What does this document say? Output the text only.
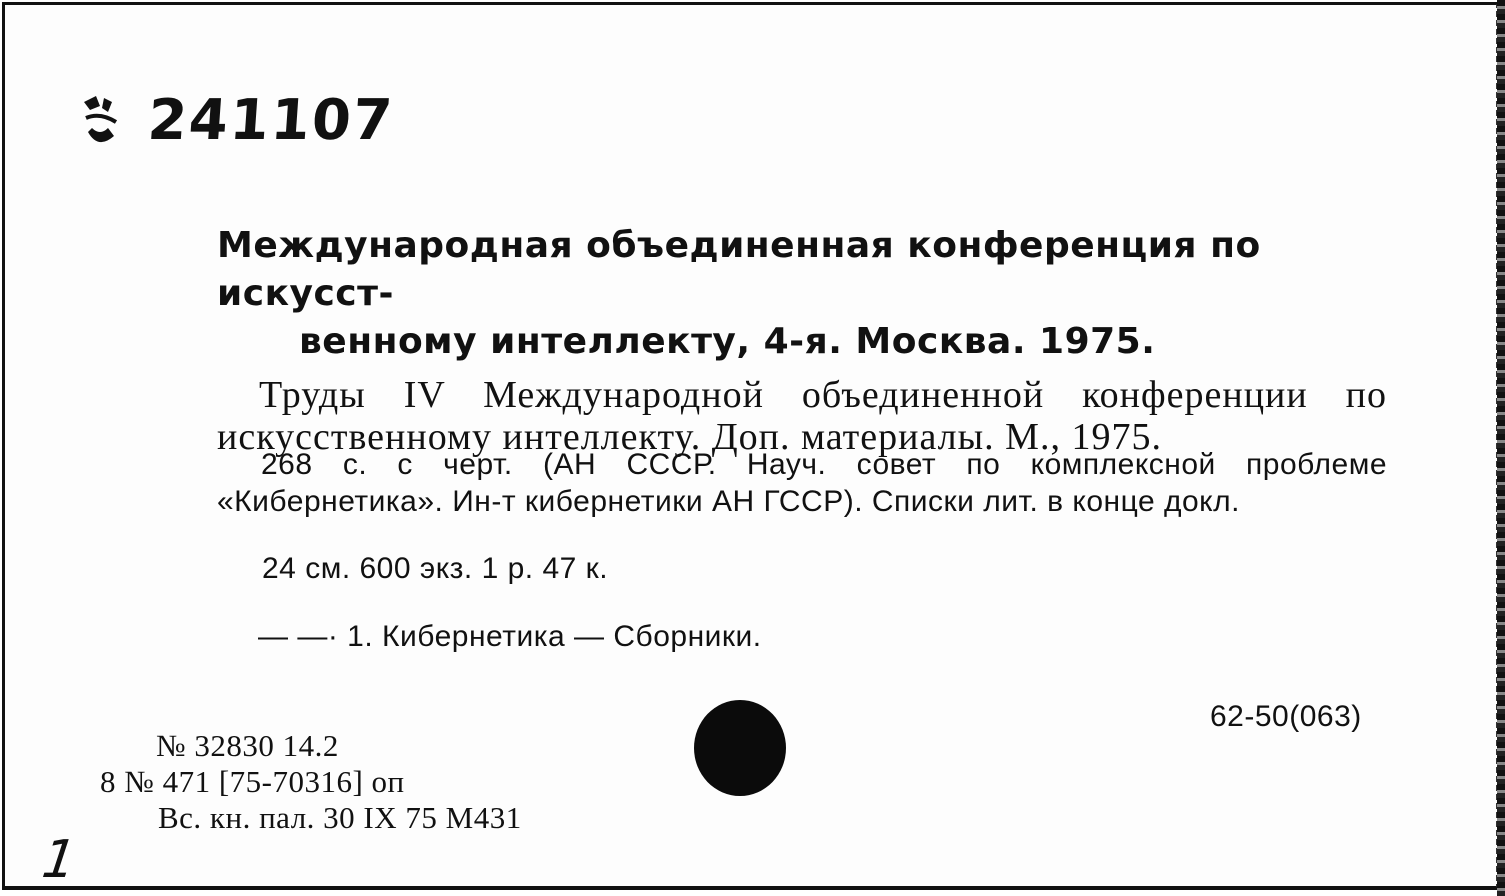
241107

Международная объединенная конференция по искусст-
венному интеллекту, 4-я. Москва. 1975.

Труды IV Международной объединенной конференции по искусственному интеллекту. Доп. материалы. М., 1975.

268 с. с черт. (АН СССР. Науч. совет по комплексной проблеме «Кибернетика». Ин-т кибернетики АН ГССР). Списки лит. в конце докл.

24 см. 600 экз. 1 р. 47 к.
— —· 1. Кибернетика — Сборники.
62-50(063)
№ 32830 14.2
8 № 471 [75-70316] оп
Вс. кн. пал. 30 IX 75 М431
1
